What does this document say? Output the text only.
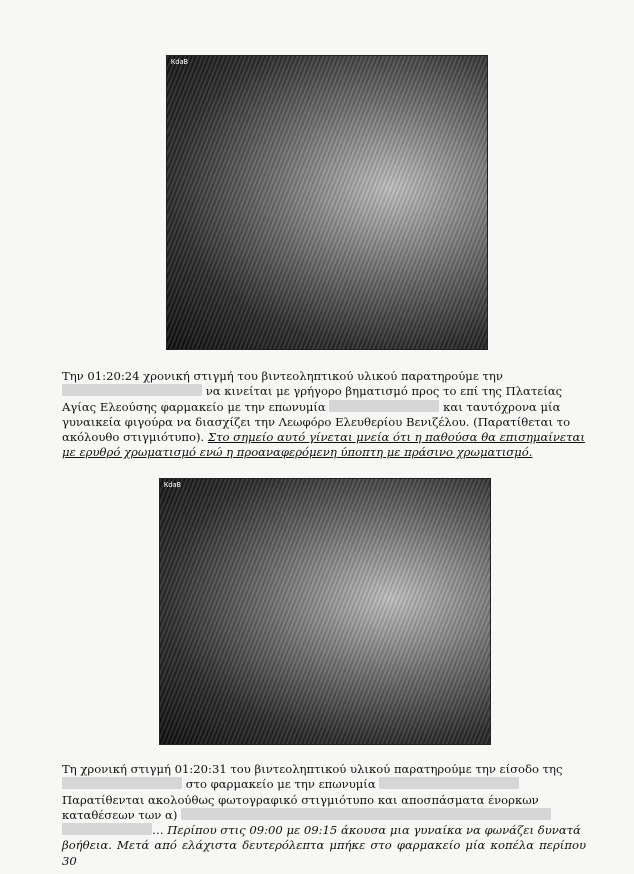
KdaB
Την 01:20:24 χρονική στιγμή του βιντεοληπτικού υλικού παρατηρούμε την
να κινείται με γρήγορο βηματισμό προς το επί της Πλατείας
Αγίας Ελεούσης φαρμακείο με την επωνυμία	και ταυτόχρονα μία
γυναικεία φιγούρα να διασχίζει την Λεωφόρο Ελευθερίου Βενιζέλου. (Παρατίθεται το
ακόλουθο στιγμιότυπο). Στο σημείο αυτό γίνεται μνεία ότι η παθούσα θα επισημαίνεται
με ερυθρό χρωματισμό ενώ η προαναφερόμενη ύποπτη με πράσινο χρωματισμό.
KdaB
Τη χρονική στιγμή 01:20:31 του βιντεοληπτικού υλικού παρατηρούμε την είσοδο της
στο φαρμακείο με την επωνυμία
Παρατίθενται ακολούθως φωτογραφικό στιγμιότυπο και αποσπάσματα ένορκων
καταθέσεων των α)
… Περίπου στις 09:00 με 09:15 άκουσα μια γυναίκα να φωνάζει δυνατά
βοήθεια. Μετά από ελάχιστα δευτερόλεπτα μπήκε στο φαρμακείο μία κοπέλα περίπου 30
